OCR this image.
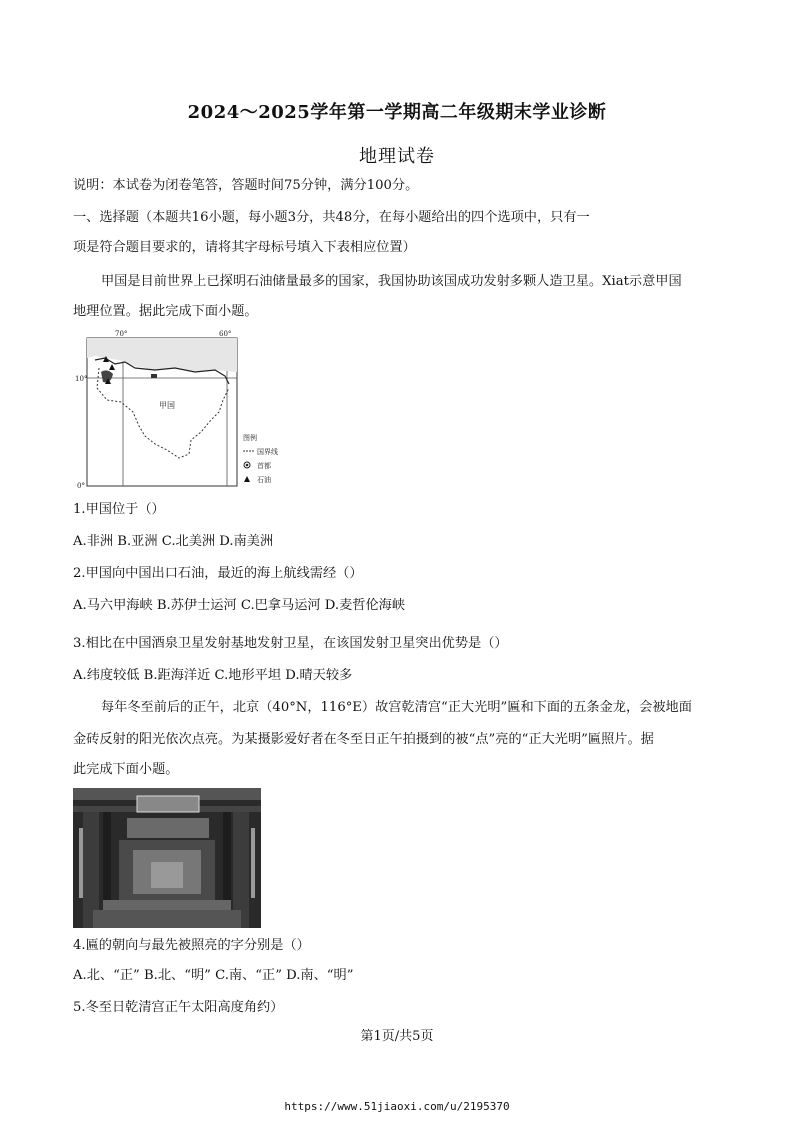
2024～2025学年第一学期高二年级期末学业诊断
地理试卷
说明：本试卷为闭卷笔答，答题时间75分钟，满分100分。
一、选择题（本题共16小题，每小题3分，共48分，在每小题给出的四个选项中，只有一
项是符合题目要求的，请将其字母标号填入下表相应位置）
甲国是目前世界上已探明石油储量最多的国家，我国协助该国成功发射多颗人造卫星。Xiat示意甲国
地理位置。据此完成下面小题。
70°	60°
10°
0°
甲国
图例
国界线
首都
石油
1.甲国位于（）
A.非洲 B.亚洲 C.北美洲 D.南美洲
2.甲国向中国出口石油，最近的海上航线需经（）
A.马六甲海峡 B.苏伊士运河 C.巴拿马运河 D.麦哲伦海峡
3.相比在中国酒泉卫星发射基地发射卫星，在该国发射卫星突出优势是（）
A.纬度较低 B.距海洋近 C.地形平坦 D.晴天较多
每年冬至前后的正午，北京（40°N，116°E）故宫乾清宫“正大光明”匾和下面的五条金龙，会被地面
金砖反射的阳光依次点亮。为某摄影爱好者在冬至日正午拍摄到的被“点”亮的“正大光明”匾照片。据
此完成下面小题。
4.匾的朝向与最先被照亮的字分别是（）
A.北、“正” B.北、“明” C.南、“正” D.南、“明”
5.冬至日乾清宫正午太阳高度角约）
第1页/共5页
https://www.51jiaoxi.com/u/2195370
